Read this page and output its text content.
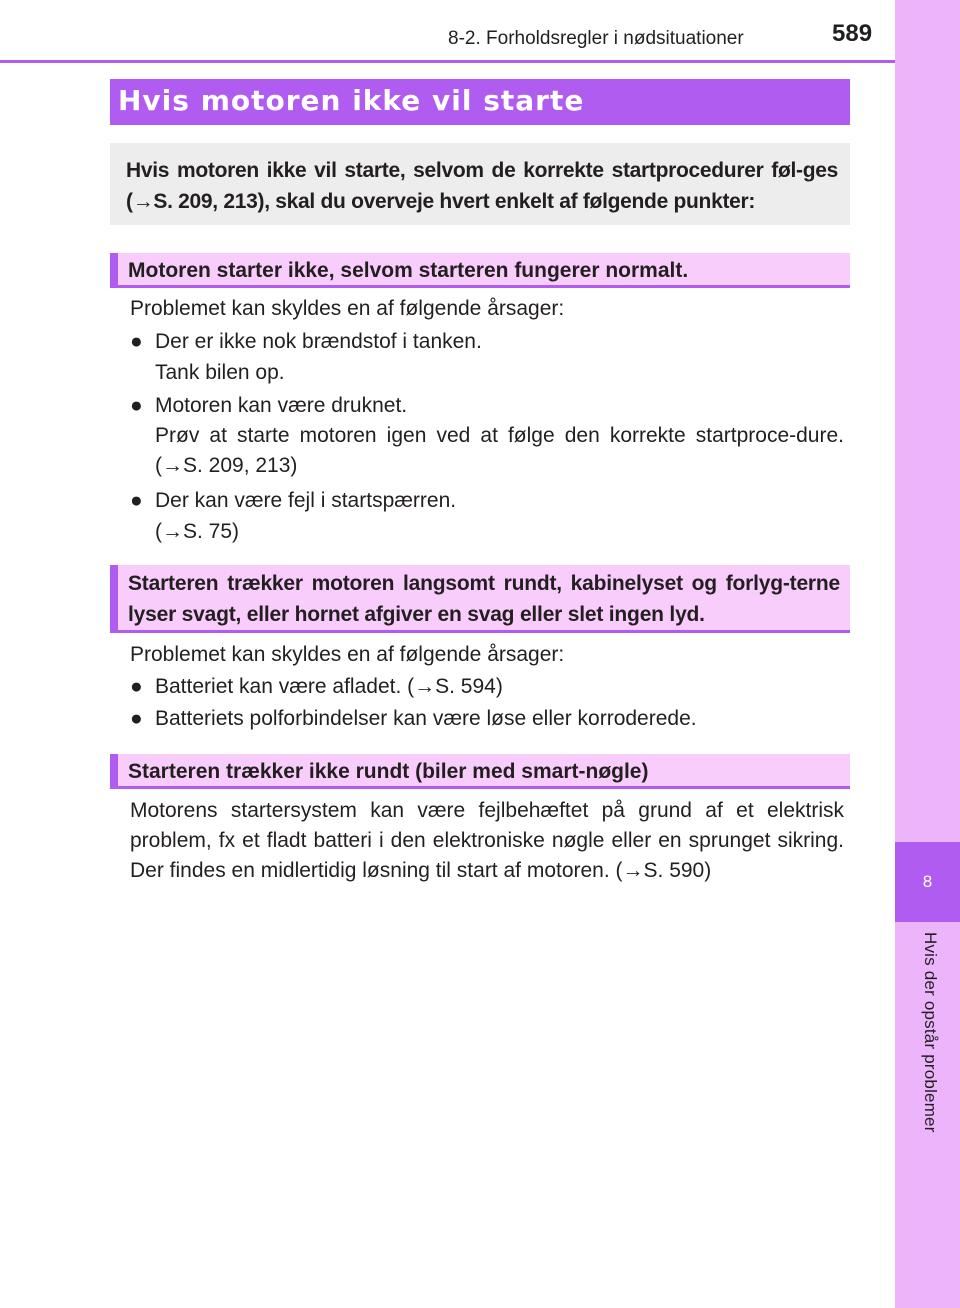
8-2. Forholdsregler i nødsituationer	589
8
Hvis der opstår problemer
Hvis motoren ikke vil starte

Hvis motoren ikke vil starte, selvom de korrekte startprocedurer føl-ges (→S. 209, 213), skal du overveje hvert enkelt af følgende punkter:

Motoren starter ikke, selvom starteren fungerer normalt.

Problemet kan skyldes en af følgende årsager:
● Der er ikke nok brændstof i tanken.
Tank bilen op.
● Motoren kan være druknet.

Prøv at starte motoren igen ved at følge den korrekte startproce-dure. (→S. 209, 213)

● Der kan være fejl i startspærren.
(→S. 75)

Starteren trækker motoren langsomt rundt, kabinelyset og forlyg-terne lyser svagt, eller hornet afgiver en svag eller slet ingen lyd.

Problemet kan skyldes en af følgende årsager:
● Batteriet kan være afladet. (→S. 594)
● Batteriets polforbindelser kan være løse eller korroderede.

Starteren trækker ikke rundt (biler med smart-nøgle)

Motorens startersystem kan være fejlbehæftet på grund af et elektrisk problem, fx et fladt batteri i den elektroniske nøgle eller en sprunget sikring. Der findes en midlertidig løsning til start af motoren. (→S. 590)
